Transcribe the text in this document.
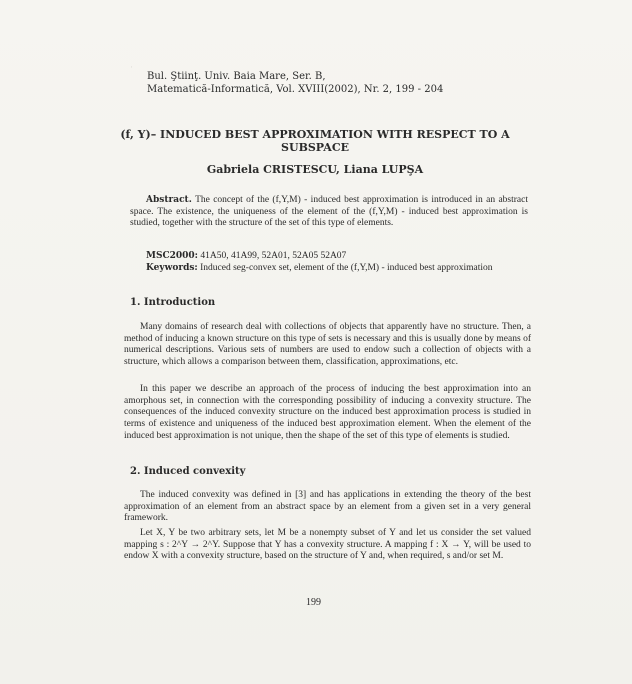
·
Bul. Ştiinţ. Univ. Baia Mare, Ser. B,
Matematică-Informatică, Vol. XVIII(2002), Nr. 2, 199 - 204
(f, Y)– INDUCED BEST APPROXIMATION WITH RESPECT TO A
SUBSPACE
Gabriela CRISTESCU, Liana LUPŞA
Abstract. The concept of the (f,Y,M) - induced best approximation is introduced in an abstract space. The existence, the uniqueness of the element of the (f,Y,M) - induced best approximation is studied, together with the structure of the set of this type of elements.
MSC2000: 41A50, 41A99, 52A01, 52A05 52A07
Keywords: Induced seg-convex set, element of the (f,Y,M) - induced best approximation
1. Introduction
Many domains of research deal with collections of objects that apparently have no structure. Then, a method of inducing a known structure on this type of sets is necessary and this is usually done by means of numerical descriptions. Various sets of numbers are used to endow such a collection of objects with a structure, which allows a comparison between them, classification, approximations, etc.
In this paper we describe an approach of the process of inducing the best approximation into an amorphous set, in connection with the corresponding possibility of inducing a convexity structure. The consequences of the induced convexity structure on the induced best approximation process is studied in terms of existence and uniqueness of the induced best approximation element. When the element of the induced best approximation is not unique, then the shape of the set of this type of elements is studied.
2. Induced convexity
The induced convexity was defined in [3] and has applications in extending the theory of the best approximation of an element from an abstract space by an element from a given set in a very general framework.
Let X, Y be two arbitrary sets, let M be a nonempty subset of Y and let us consider the set valued mapping s : 2^Y → 2^Y. Suppose that Y has a convexity structure. A mapping f : X → Y, will be used to endow X with a convexity structure, based on the structure of Y and, when required, s and/or set M.
199
